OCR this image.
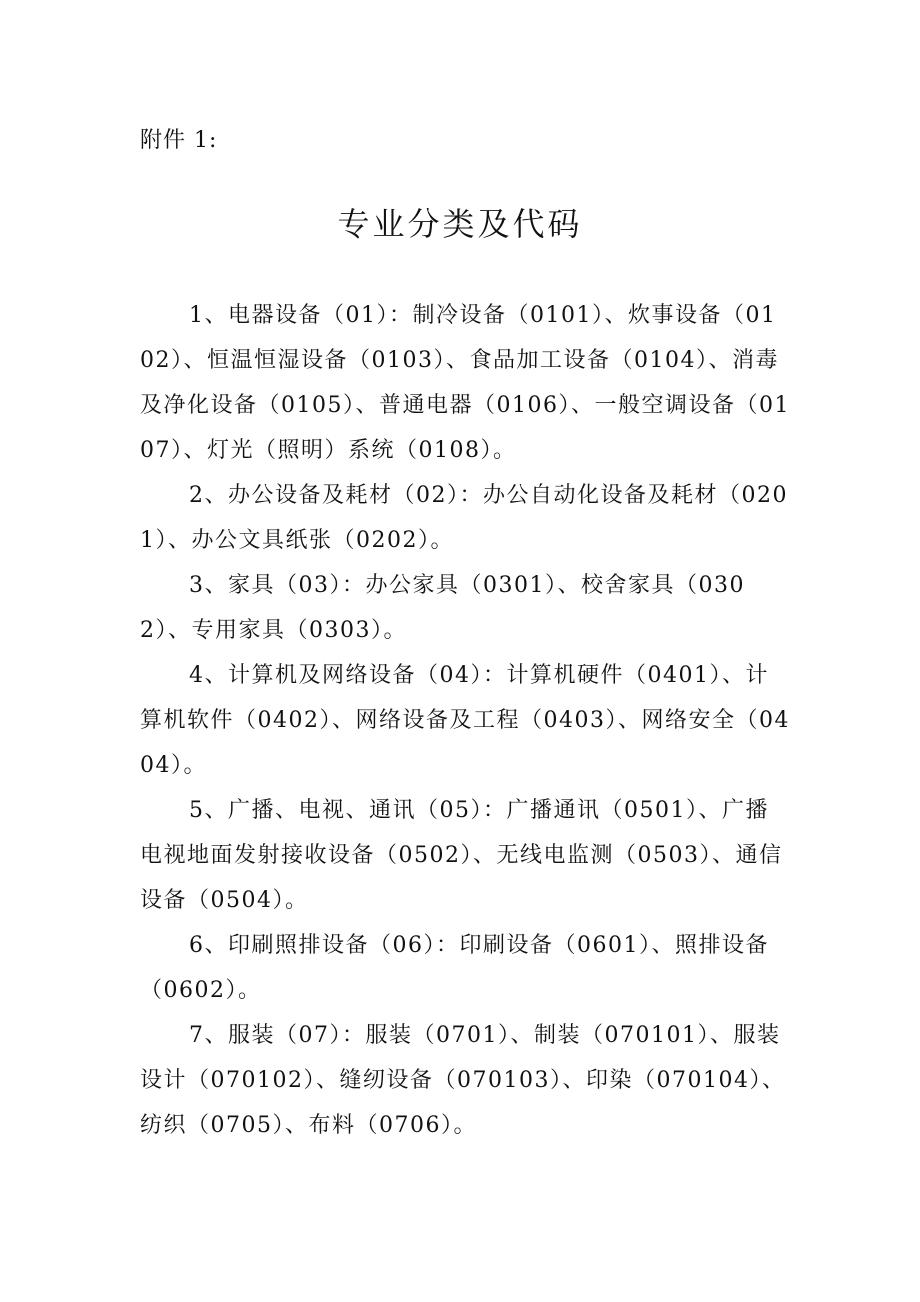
附件 1:
专业分类及代码

1、电器设备（01）：制冷设备（0101）、炊事设备（0102）、恒温恒湿设备（0103）、食品加工设备（0104）、消毒及净化设备（0105）、普通电器（0106）、一般空调设备（0107）、灯光（照明）系统（0108）。

2、办公设备及耗材（02）：办公自动化设备及耗材（0201）、办公文具纸张（0202）。

3、家具（03）：办公家具（0301）、校舍家具（0302）、专用家具（0303）。

4、计算机及网络设备（04）：计算机硬件（0401）、计算机软件（0402）、网络设备及工程（0403）、网络安全（0404）。

5、广播、电视、通讯（05）：广播通讯（0501）、广播电视地面发射接收设备（0502）、无线电监测（0503）、通信设备（0504）。

6、印刷照排设备（06）：印刷设备（0601）、照排设备（0602）。

7、服装（07）：服装（0701）、制装（070101）、服装设计（070102）、缝纫设备（070103）、印染（070104）、纺织（0705）、布料（0706）。
